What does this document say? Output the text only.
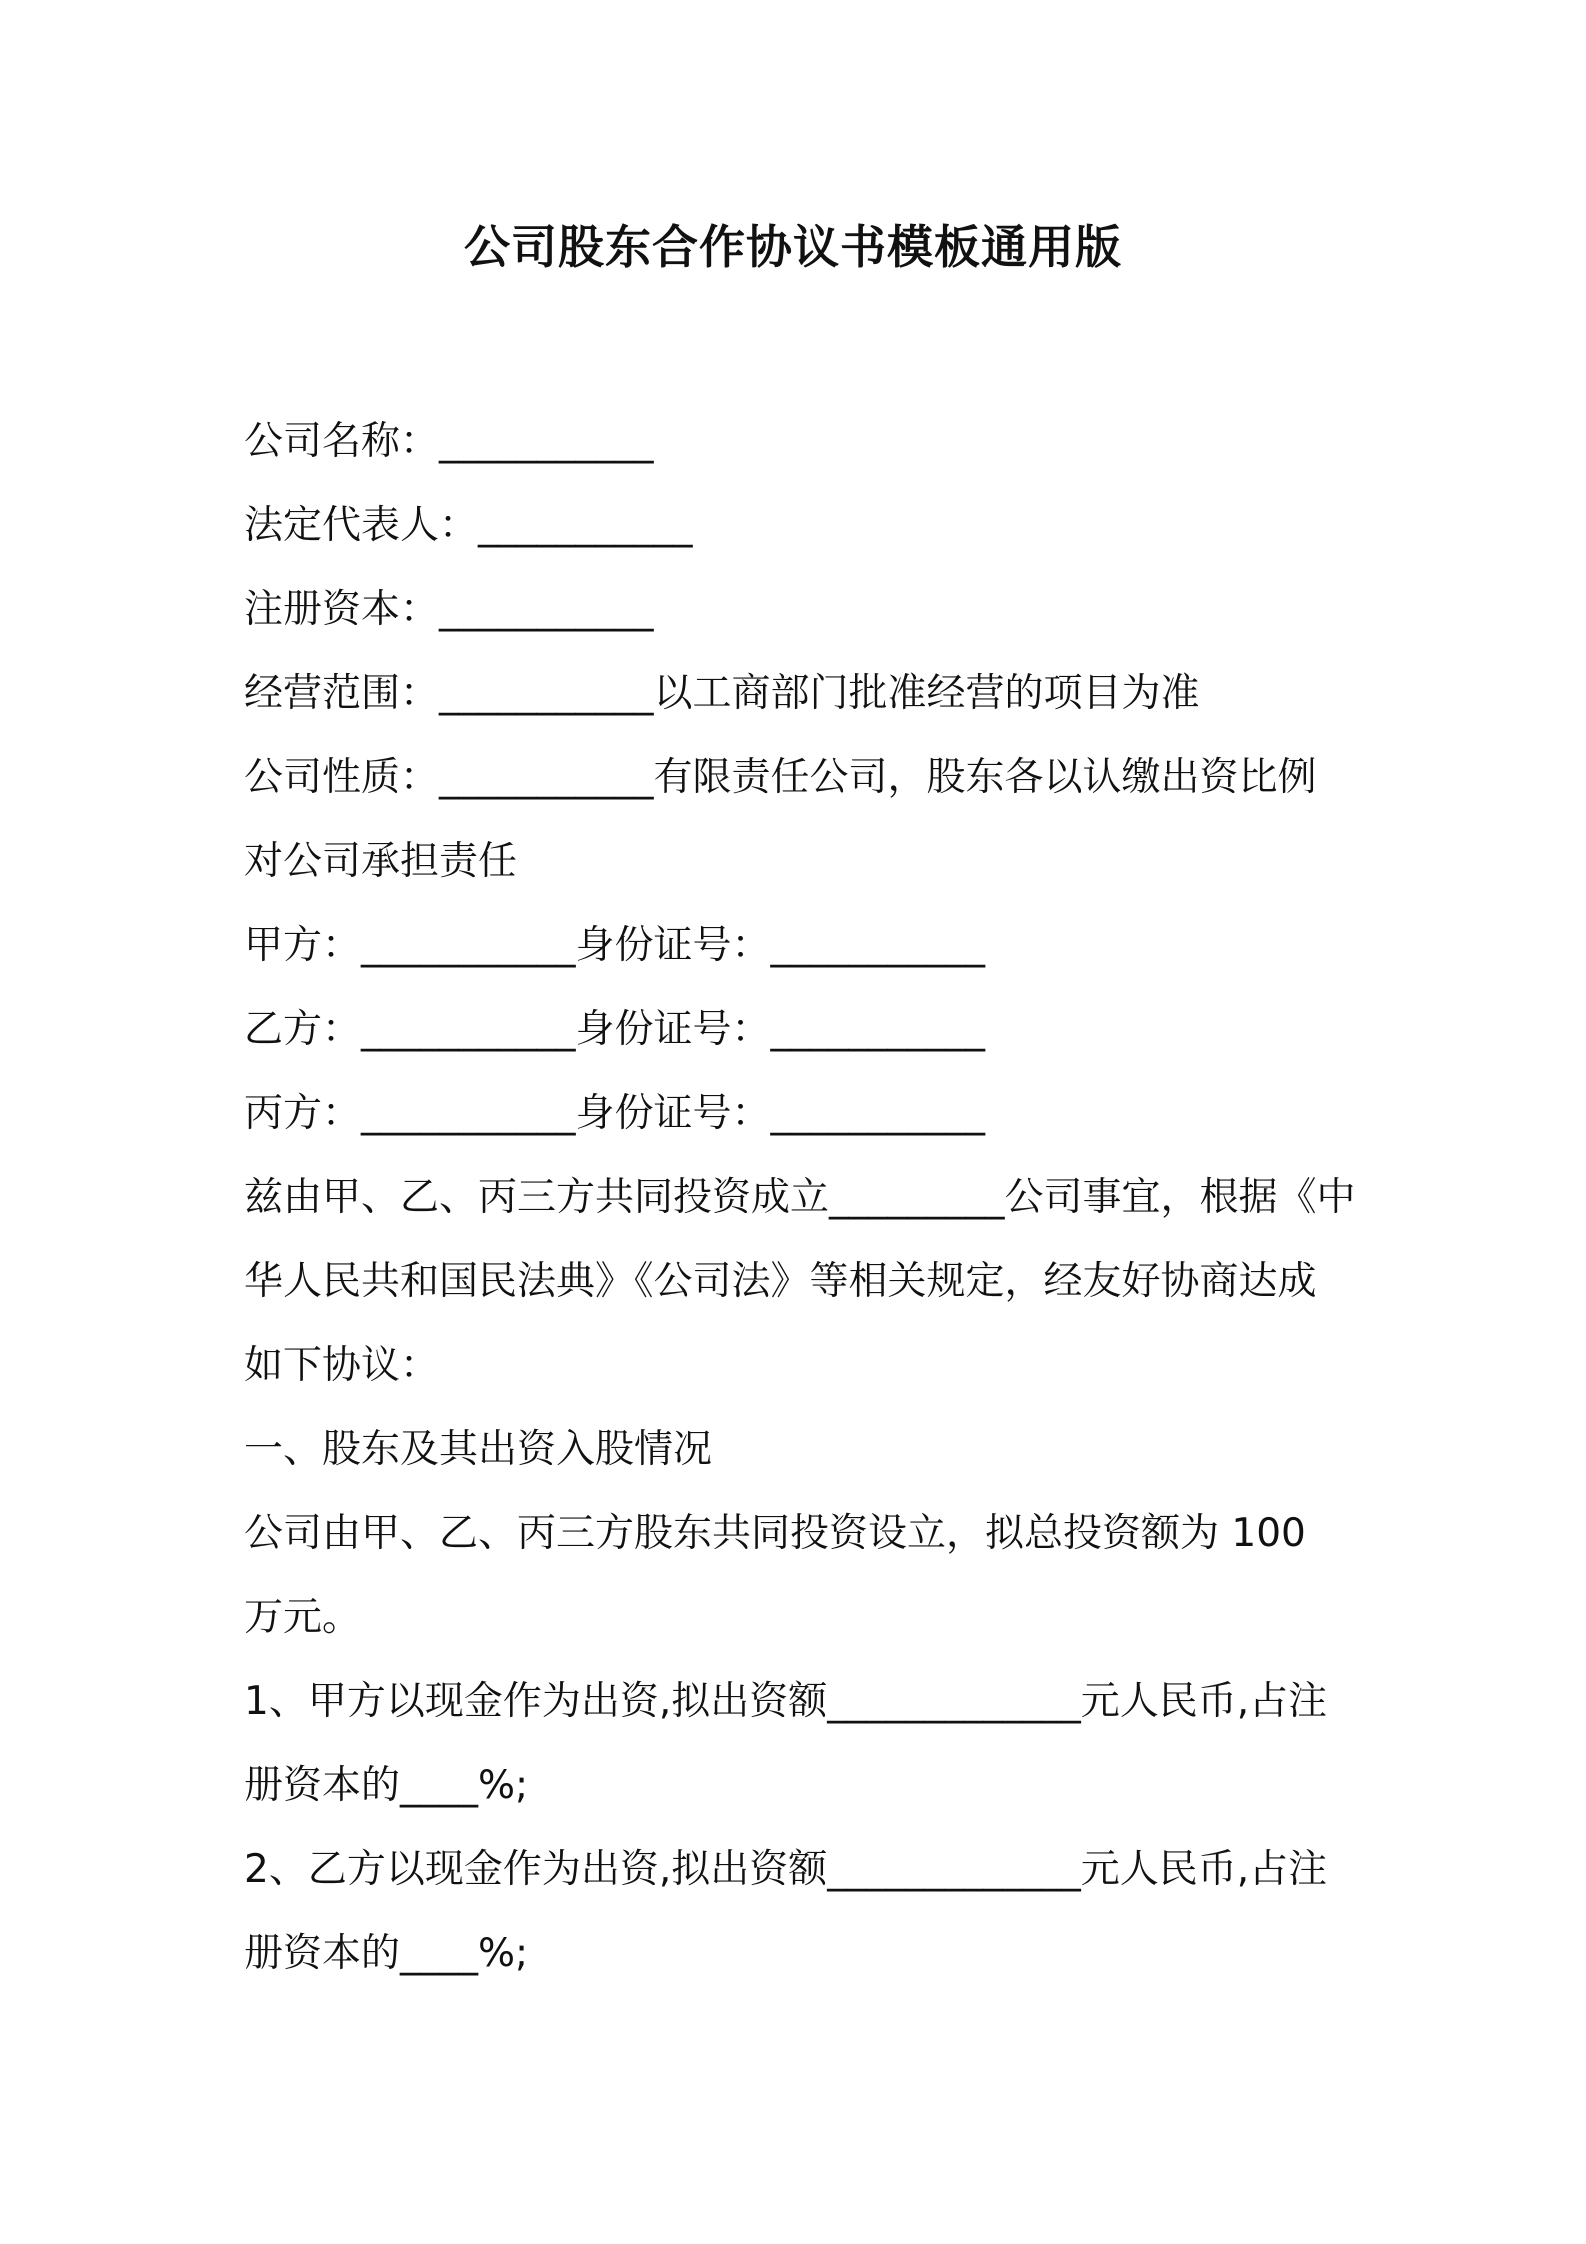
公司股东合作协议书模板通用版

公司名称：___________

法定代表人：___________

注册资本：___________

经营范围：___________以工商部门批准经营的项目为准

公司性质：___________有限责任公司，股东各以认缴出资比例

对公司承担责任

甲方：___________身份证号：___________

乙方：___________身份证号：___________

丙方：___________身份证号：___________

兹由甲、乙、丙三方共同投资成立_________公司事宜，根据《中

华人民共和国民法典》《公司法》等相关规定，经友好协商达成

如下协议：

一、股东及其出资入股情况

公司由甲、乙、丙三方股东共同投资设立，拟总投资额为 100

万元。

1、甲方以现金作为出资,拟出资额_____________元人民币,占注

册资本的____%;

2、乙方以现金作为出资,拟出资额_____________元人民币,占注

册资本的____%;
